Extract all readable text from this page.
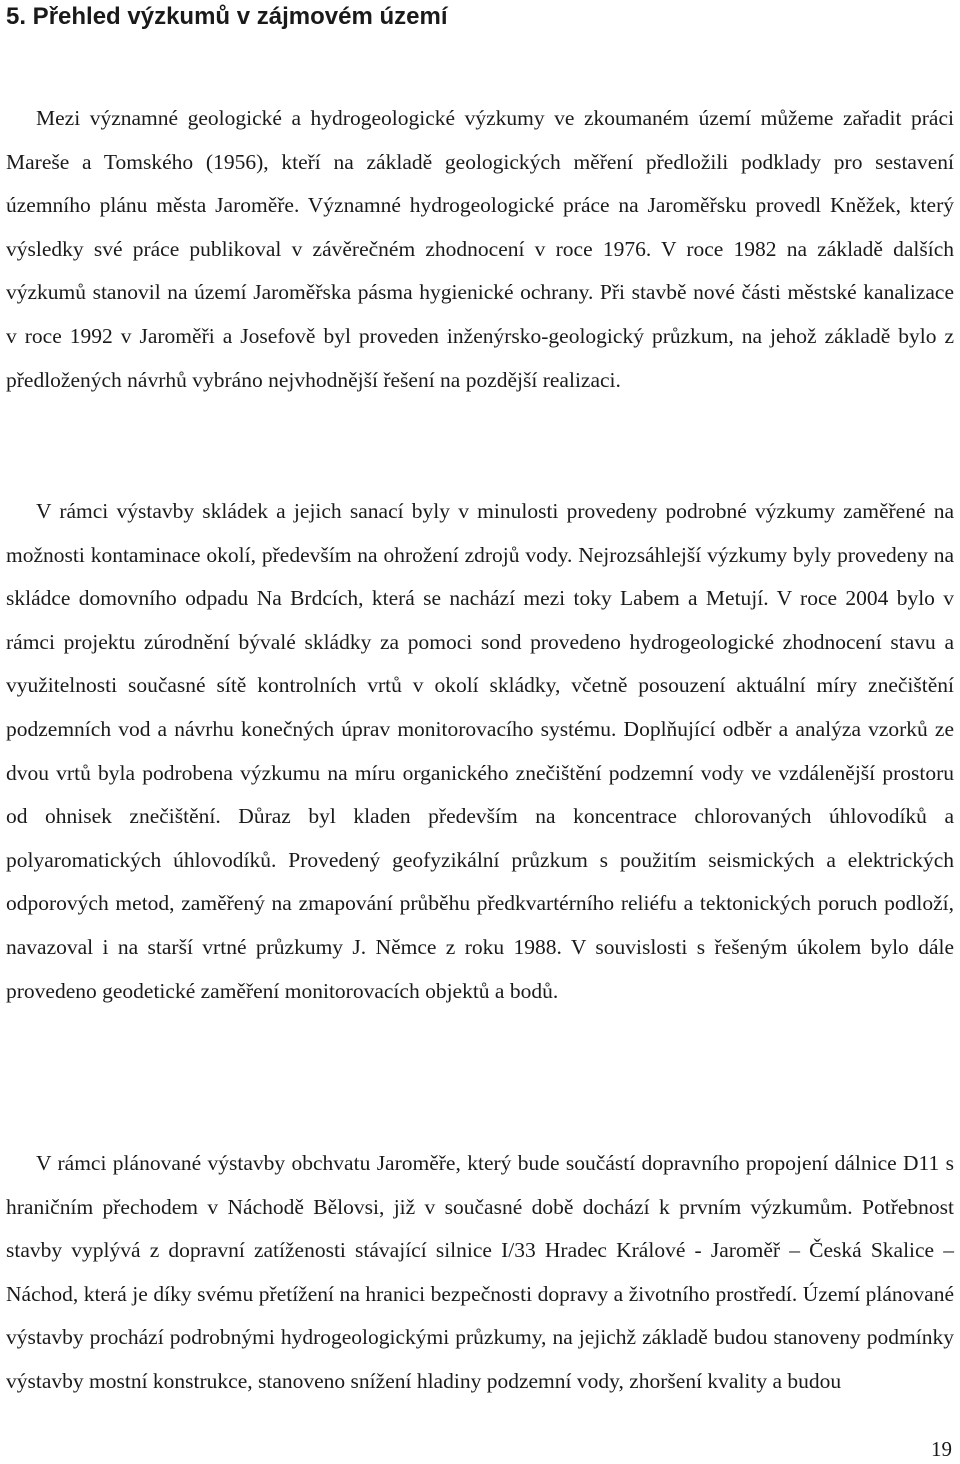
5. Přehled výzkumů v zájmovém území

Mezi významné geologické a hydrogeologické výzkumy ve zkoumaném území můžeme zařadit práci Mareše a Tomského (1956), kteří na základě geologických měření předložili podklady pro sestavení územního plánu města Jaroměře. Významné hydrogeologické práce na Jaroměřsku provedl Kněžek, který výsledky své práce publikoval v závěrečném zhodnocení v roce 1976. V roce 1982 na základě dalších výzkumů stanovil na území Jaroměřska pásma hygienické ochrany. Při stavbě nové části městské kanalizace v roce 1992 v Jaroměři a Josefově byl proveden inženýrsko-geologický průzkum, na jehož základě bylo z předložených návrhů vybráno nejvhodnější řešení na pozdější realizaci.

V rámci výstavby skládek a jejich sanací byly v minulosti provedeny podrobné výzkumy zaměřené na možnosti kontaminace okolí, především na ohrožení zdrojů vody. Nejrozsáhlejší výzkumy byly provedeny na skládce domovního odpadu Na Brdcích, která se nachází mezi toky Labem a Metují. V roce 2004 bylo v rámci projektu zúrodnění bývalé skládky za pomoci sond provedeno hydrogeologické zhodnocení stavu a využitelnosti současné sítě kontrolních vrtů v okolí skládky, včetně posouzení aktuální míry znečištění podzemních vod a návrhu konečných úprav monitorovacího systému. Doplňující odběr a analýza vzorků ze dvou vrtů byla podrobena výzkumu na míru organického znečištění podzemní vody ve vzdálenější prostoru od ohnisek znečištění. Důraz byl kladen především na koncentrace chlorovaných úhlovodíků a polyaromatických úhlovodíků. Provedený geofyzikální průzkum s použitím seismických a elektrických odporových metod, zaměřený na zmapování průběhu předkvartérního reliéfu a tektonických poruch podloží, navazoval i na starší vrtné průzkumy J. Němce z roku 1988. V souvislosti s řešeným úkolem bylo dále provedeno geodetické zaměření monitorovacích objektů a bodů.

V rámci plánované výstavby obchvatu Jaroměře, který bude součástí dopravního propojení dálnice D11 s hraničním přechodem v Náchodě Bělovsi, již v současné době dochází k prvním výzkumům. Potřebnost stavby vyplývá z dopravní zatíženosti stávající silnice I/33 Hradec Králové - Jaroměř – Česká Skalice – Náchod, která je díky svému přetížení na hranici bezpečnosti dopravy a životního prostředí. Území plánované výstavby prochází podrobnými hydrogeologickými průzkumy, na jejichž základě budou stanoveny podmínky výstavby mostní konstrukce, stanoveno snížení hladiny podzemní vody, zhoršení kvality a budou

19
